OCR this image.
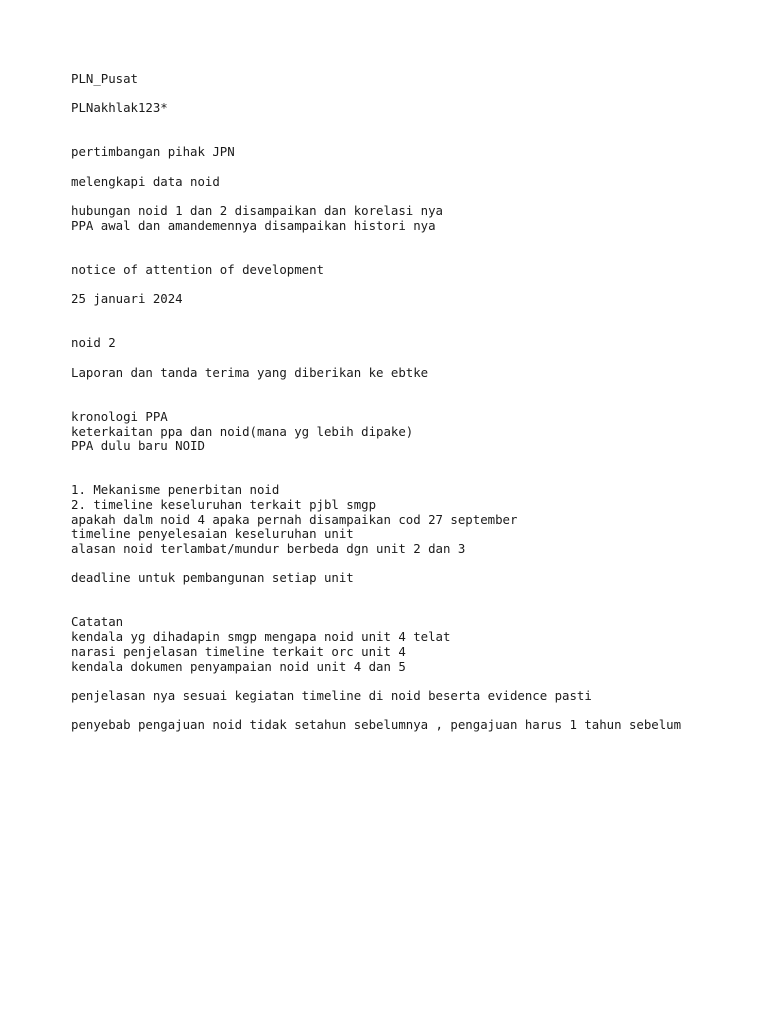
PLN_Pusat
PLNakhlak123*
pertimbangan pihak JPN
melengkapi data noid
hubungan noid 1 dan 2 disampaikan dan korelasi nya
PPA awal dan amandemennya disampaikan histori nya
notice of attention of development
25 januari 2024
noid 2
Laporan dan tanda terima yang diberikan ke ebtke
kronologi PPA
keterkaitan ppa dan noid(mana yg lebih dipake)
PPA dulu baru NOID
1. Mekanisme penerbitan noid
2. timeline keseluruhan terkait pjbl smgp
apakah dalm noid 4 apaka pernah disampaikan cod 27 september
timeline penyelesaian keseluruhan unit
alasan noid terlambat/mundur berbeda dgn unit 2 dan 3
deadline untuk pembangunan setiap unit
Catatan
kendala yg dihadapin smgp mengapa noid unit 4 telat
narasi penjelasan timeline terkait orc unit 4
kendala dokumen penyampaian noid unit 4 dan 5
penjelasan nya sesuai kegiatan timeline di noid beserta evidence pasti
penyebab pengajuan noid tidak setahun sebelumnya , pengajuan harus 1 tahun sebelum
